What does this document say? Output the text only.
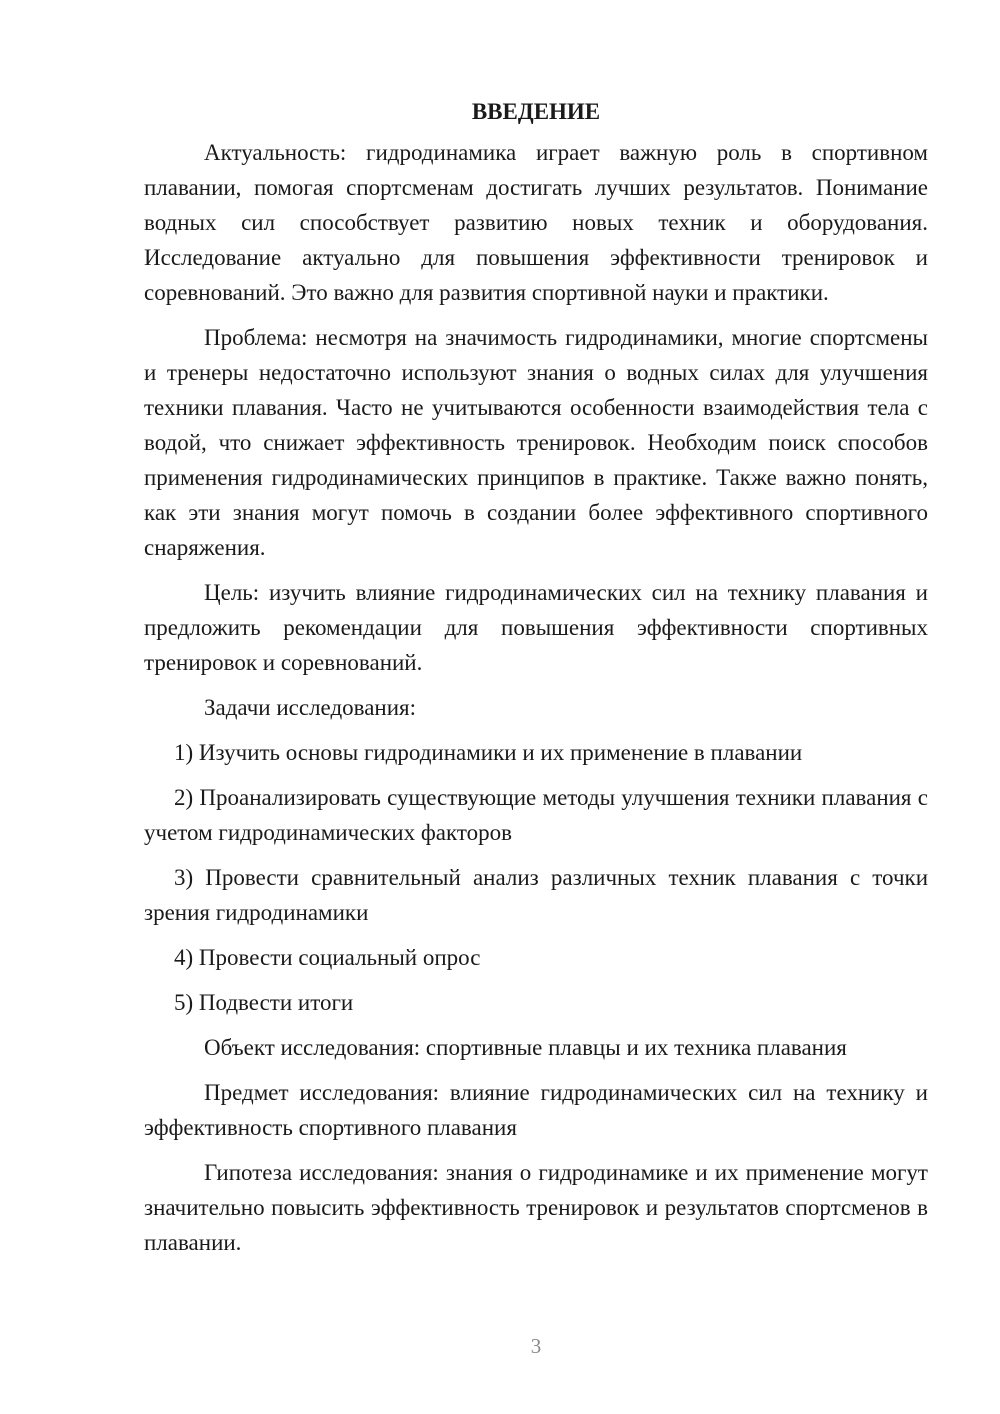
ВВЕДЕНИЕ

Актуальность: гидродинамика играет важную роль в спортивном плавании, помогая спортсменам достигать лучших результатов. Понимание водных сил способствует развитию новых техник и оборудования. Исследование актуально для повышения эффективности тренировок и соревнований. Это важно для развития спортивной науки и практики.

Проблема: несмотря на значимость гидродинамики, многие спортсмены и тренеры недостаточно используют знания о водных силах для улучшения техники плавания. Часто не учитываются особенности взаимодействия тела с водой, что снижает эффективность тренировок. Необходим поиск способов применения гидродинамических принципов в практике. Также важно понять, как эти знания могут помочь в создании более эффективного спортивного снаряжения.

Цель: изучить влияние гидродинамических сил на технику плавания и предложить рекомендации для повышения эффективности спортивных тренировок и соревнований.

Задачи исследования:

1) Изучить основы гидродинамики и их применение в плавании

2) Проанализировать существующие методы улучшения техники плавания с учетом гидродинамических факторов

3) Провести сравнительный анализ различных техник плавания с точки зрения гидродинамики

4) Провести социальный опрос

5) Подвести итоги

Объект исследования: спортивные плавцы и их техника плавания

Предмет исследования: влияние гидродинамических сил на технику и эффективность спортивного плавания

Гипотеза исследования: знания о гидродинамике и их применение могут значительно повысить эффективность тренировок и результатов спортсменов в плавании.

3
